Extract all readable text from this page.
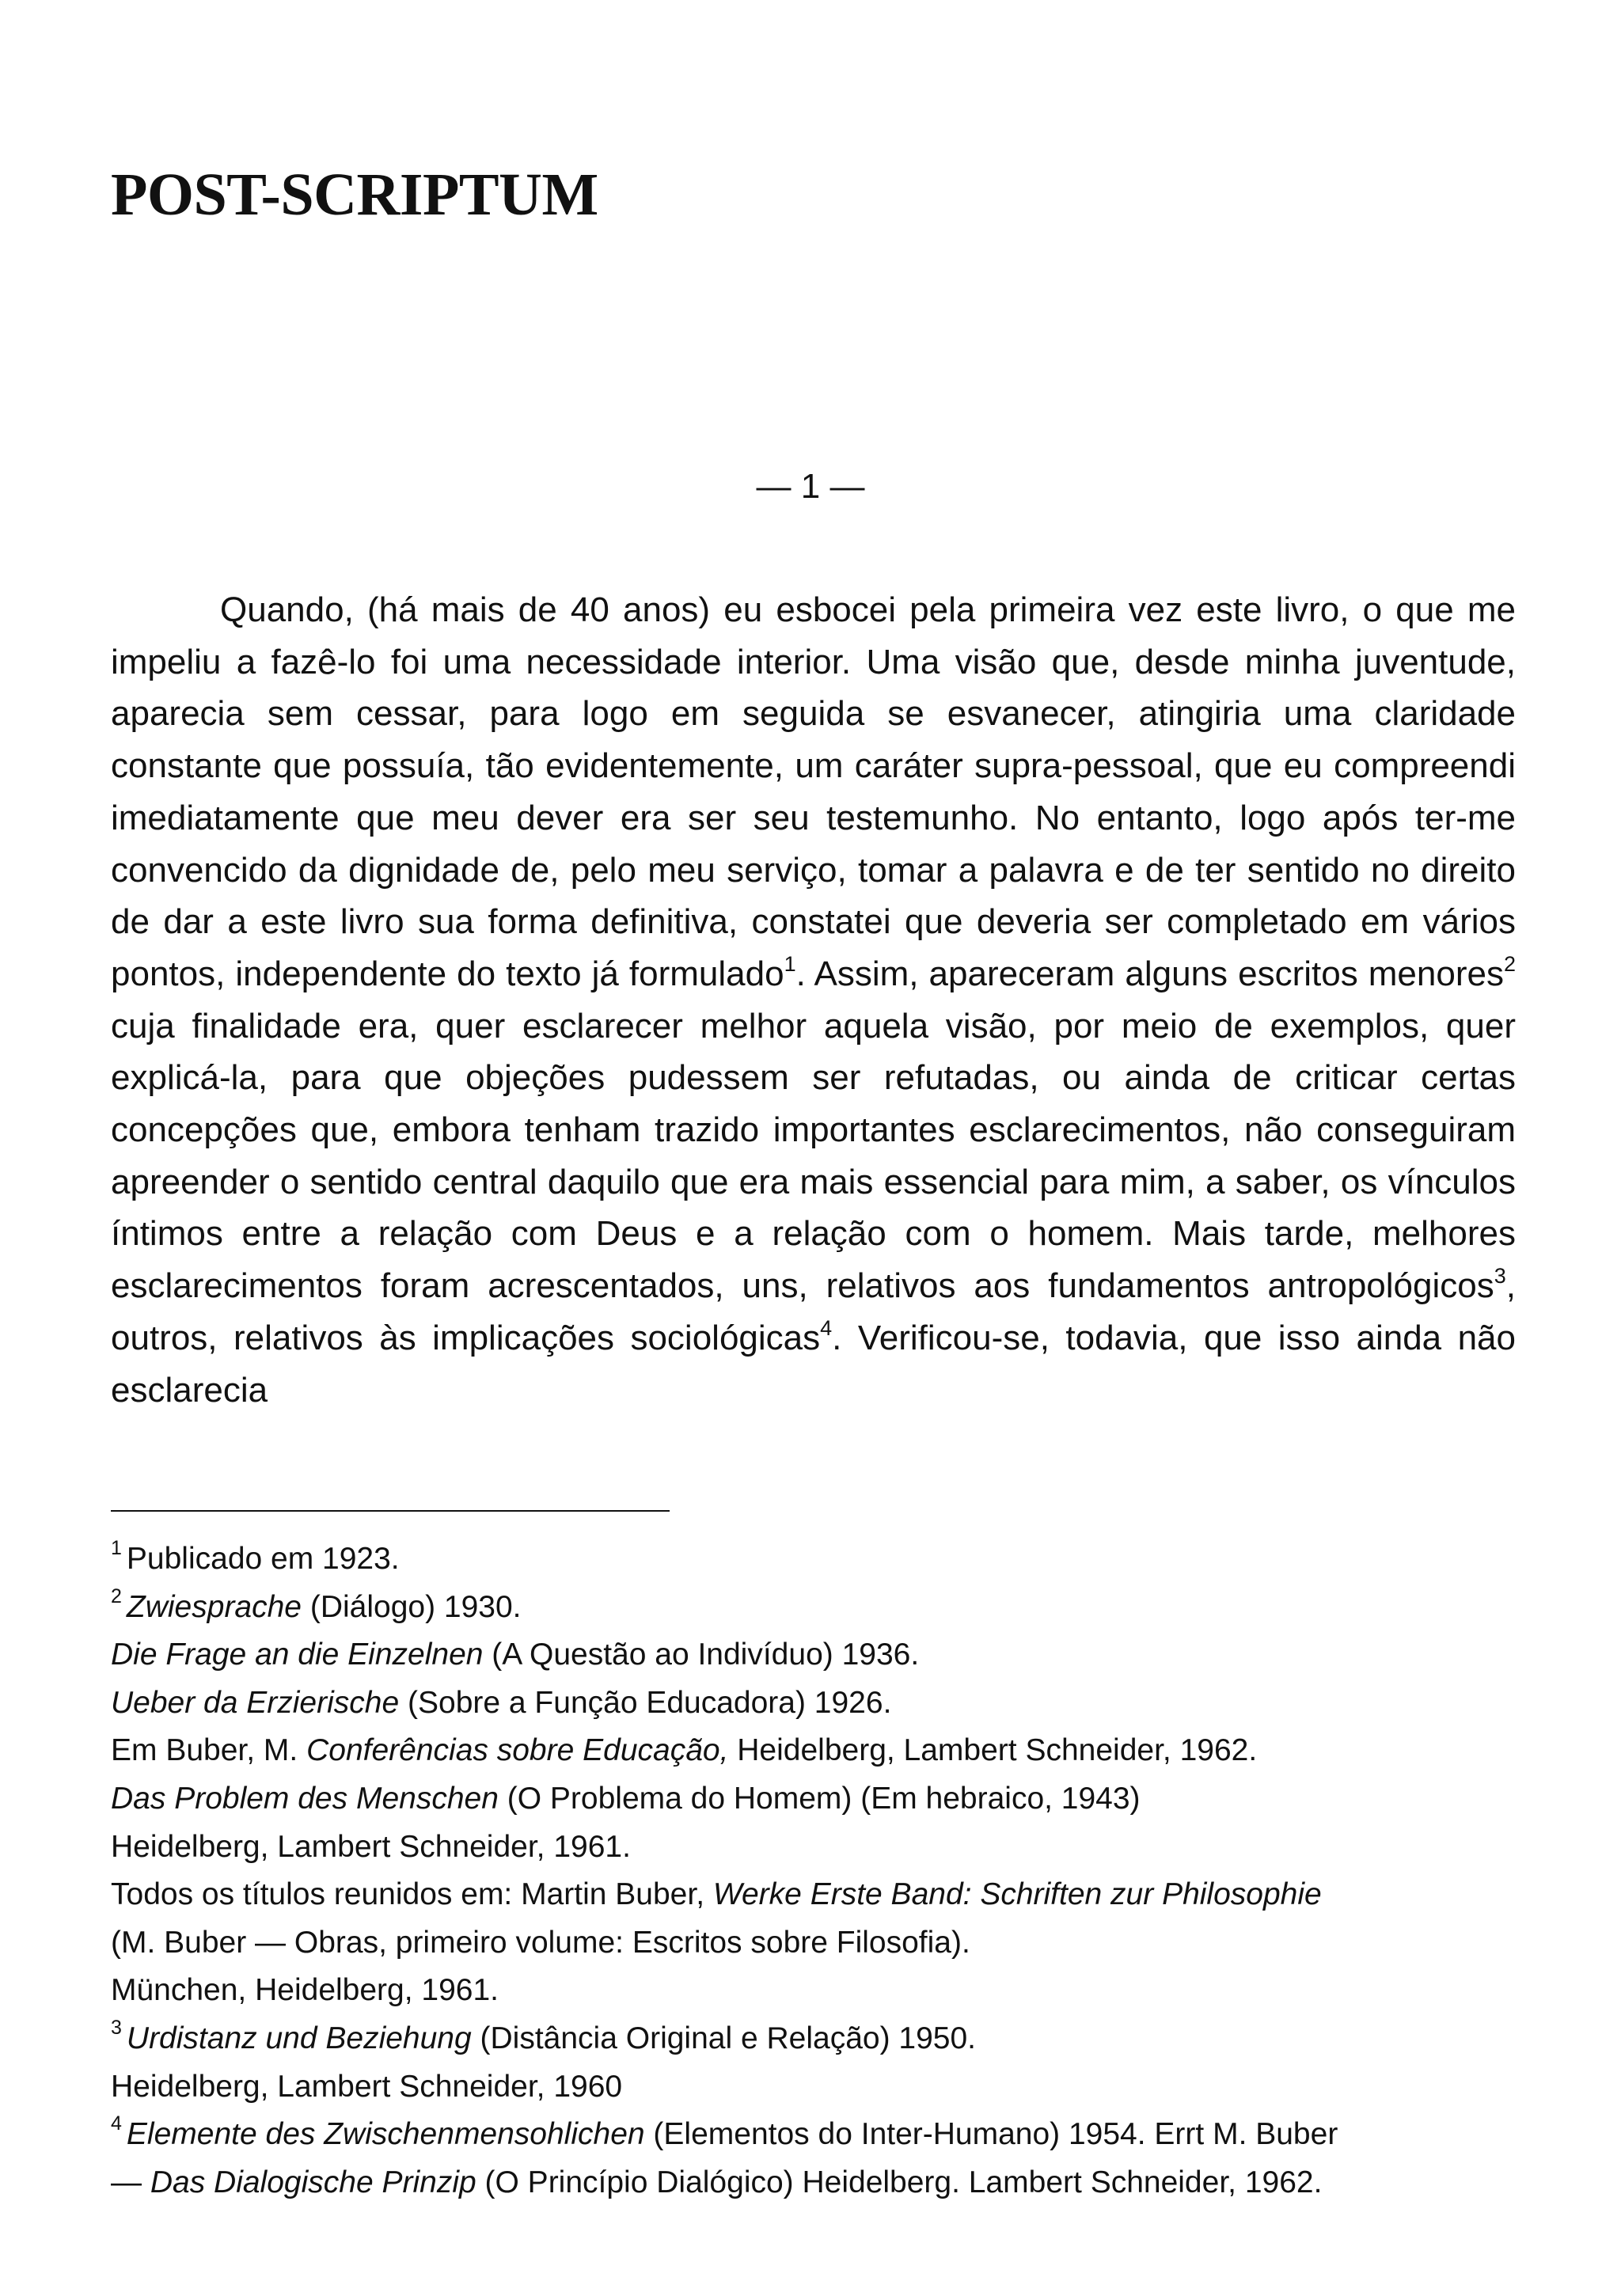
POST-SCRIPTUM
— 1 —

Quando, (há mais de 40 anos) eu esbocei pela primeira vez este livro, o que me impeliu a fazê-lo foi uma necessidade interior. Uma visão que, desde minha juventude, aparecia sem cessar, para logo em seguida se esvanecer, atingiria uma claridade constante que possuía, tão evidentemente, um caráter supra-pessoal, que eu compreendi imediatamente que meu dever era ser seu testemunho. No entanto, logo após ter-me convencido da dignidade de, pelo meu serviço, tomar a palavra e de ter sentido no direito de dar a este livro sua forma definitiva, constatei que deveria ser completado em vários pontos, independente do texto já formulado$^1$. Assim, apareceram alguns escritos menores$^2$ cuja finalidade era, quer esclarecer melhor aquela visão, por meio de exemplos, quer explicá-la, para que objeções pudessem ser refutadas, ou ainda de criticar certas concepções que, embora tenham trazido importantes esclarecimentos, não conseguiram apreender o sentido central daquilo que era mais essencial para mim, a saber, os vínculos íntimos entre a relação com Deus e a relação com o homem. Mais tarde, melhores esclarecimentos foram acrescentados, uns, relativos aos fundamentos antropológicos$^3$, outros, relativos às implicações sociológicas$^4$. Verificou-se, todavia, que isso ainda não esclarecia

$^1$ Publicado em 1923.
$^2$ Zwiesprache (Diálogo) 1930.
Die Frage an die Einzelnen (A Questão ao Indivíduo) 1936.
Ueber da Erzierische (Sobre a Função Educadora) 1926.
Em Buber, M. Conferências sobre Educação, Heidelberg, Lambert Schneider, 1962.
Das Problem des Menschen (O Problema do Homem) (Em hebraico, 1943)
Heidelberg, Lambert Schneider, 1961.
Todos os títulos reunidos em: Martin Buber, Werke Erste Band: Schriften zur Philosophie
(M. Buber — Obras, primeiro volume: Escritos sobre Filosofia).
München, Heidelberg, 1961.
$^3$ Urdistanz und Beziehung (Distância Original e Relação) 1950.
Heidelberg, Lambert Schneider, 1960
$^4$ Elemente des Zwischenmensohlichen (Elementos do Inter-Humano) 1954. Errt M. Buber
— Das Dialogische Prinzip (O Princípio Dialógico) Heidelberg. Lambert Schneider, 1962.
